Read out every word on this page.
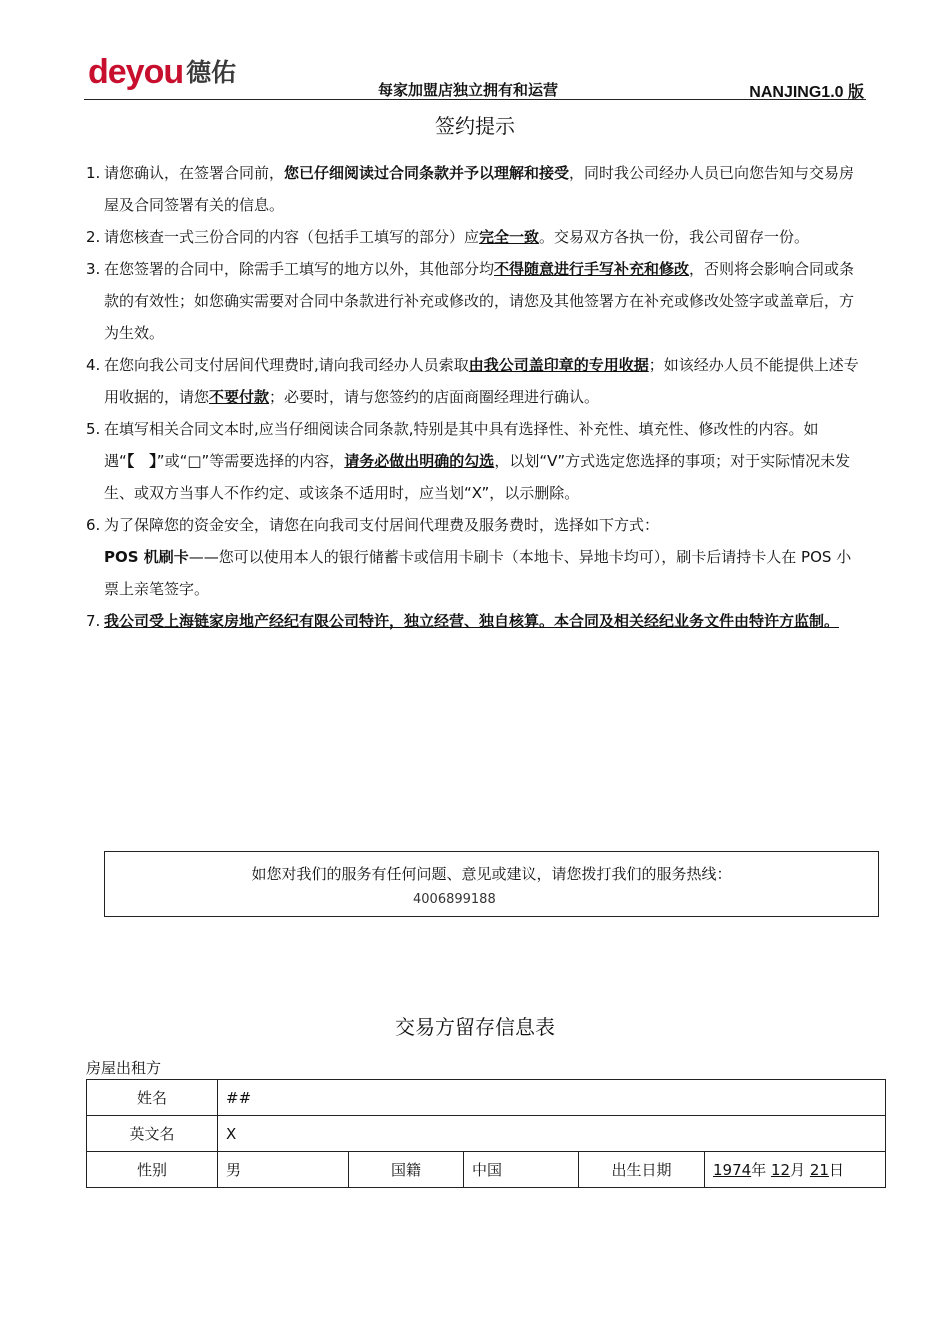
deyou 德佑
每家加盟店独立拥有和运营	NANJING1.0 版
签约提示
1. 请您确认，在签署合同前，您已仔细阅读过合同条款并予以理解和接受，同时我公司经办人员已向您告知与交易房屋及合同签署有关的信息。
2. 请您核查一式三份合同的内容（包括手工填写的部分）应完全一致。交易双方各执一份，我公司留存一份。
3. 在您签署的合同中，除需手工填写的地方以外，其他部分均不得随意进行手写补充和修改，否则将会影响合同或条款的有效性；如您确实需要对合同中条款进行补充或修改的，请您及其他签署方在补充或修改处签字或盖章后，方为生效。
4. 在您向我公司支付居间代理费时,请向我司经办人员索取由我公司盖印章的专用收据；如该经办人员不能提供上述专用收据的，请您不要付款；必要时，请与您签约的店面商圈经理进行确认。
5. 在填写相关合同文本时,应当仔细阅读合同条款,特别是其中具有选择性、补充性、填充性、修改性的内容。如遇“【　】”或“□”等需要选择的内容，请务必做出明确的勾选，以划“V”方式选定您选择的事项；对于实际情况未发生、或双方当事人不作约定、或该条不适用时，应当划“X”，以示删除。
6. 为了保障您的资金安全，请您在向我司支付居间代理费及服务费时，选择如下方式：
POS 机刷卡——您可以使用本人的银行储蓄卡或信用卡刷卡（本地卡、异地卡均可），刷卡后请持卡人在 POS 小票上亲笔签字。
7. 我公司受上海链家房地产经纪有限公司特许，独立经营、独自核算。本合同及相关经纪业务文件由特许方监制。
如您对我们的服务有任何问题、意见或建议，请您拨打我们的服务热线：
4006899188
交易方留存信息表
房屋出租方
姓名	##				
英文名	X				
性别	男	国籍	中国	出生日期	1974年 12月 21日
